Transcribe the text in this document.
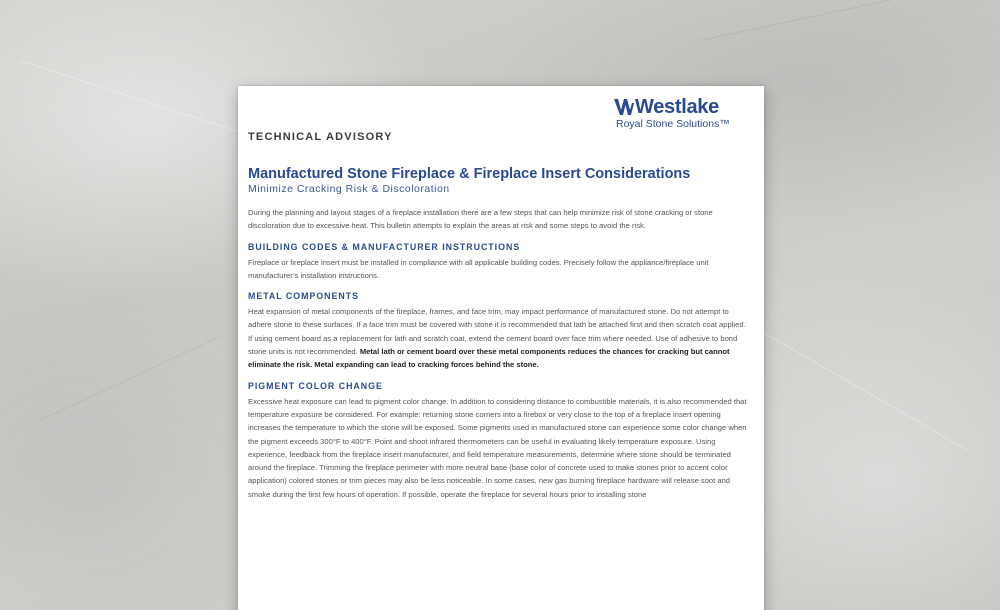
Westlake
Royal Stone Solutions™
TECHNICAL ADVISORY
Manufactured Stone Fireplace & Fireplace Insert Considerations
Minimize Cracking Risk & Discoloration

During the planning and layout stages of a fireplace installation there are a few steps that can help minimize risk of stone cracking or stone discoloration due to excessive heat. This bulletin attempts to explain the areas at risk and some steps to avoid the risk.

BUILDING CODES & MANUFACTURER INSTRUCTIONS

Fireplace or fireplace insert must be installed in compliance with all applicable building codes. Precisely follow the appliance/fireplace unit manufacturer’s installation instructions.

METAL COMPONENTS

Heat expansion of metal components of the fireplace, frames, and face trim, may impact performance of manufactured stone. Do not attempt to adhere stone to these surfaces. If a face trim must be covered with stone it is recommended that lath be attached first and then scratch coat applied. If using cement board as a replacement for lath and scratch coat, extend the cement board over face trim where needed. Use of adhesive to bond stone units is not recommended. Metal lath or cement board over these metal components reduces the chances for cracking but cannot eliminate the risk. Metal expanding can lead to cracking forces behind the stone.

PIGMENT COLOR CHANGE

Excessive heat exposure can lead to pigment color change. In addition to considering distance to combustible materials, it is also recommended that temperature exposure be considered. For example: returning stone corners into a firebox or very close to the top of a fireplace insert opening increases the temperature to which the stone will be exposed. Some pigments used in manufactured stone can experience some color change when the pigment exceeds 300°F to 400°F. Point and shoot infrared thermometers can be useful in evaluating likely temperature exposure. Using experience, feedback from the fireplace insert manufacturer, and field temperature measurements, determine where stone should be terminated around the fireplace. Trimming the fireplace perimeter with more neutral base (base color of concrete used to make stones prior to accent color application) colored stones or trim pieces may also be less noticeable. In some cases, new gas burning fireplace hardware will release soot and smoke during the first few hours of operation. If possible, operate the fireplace for several hours prior to installing stone
